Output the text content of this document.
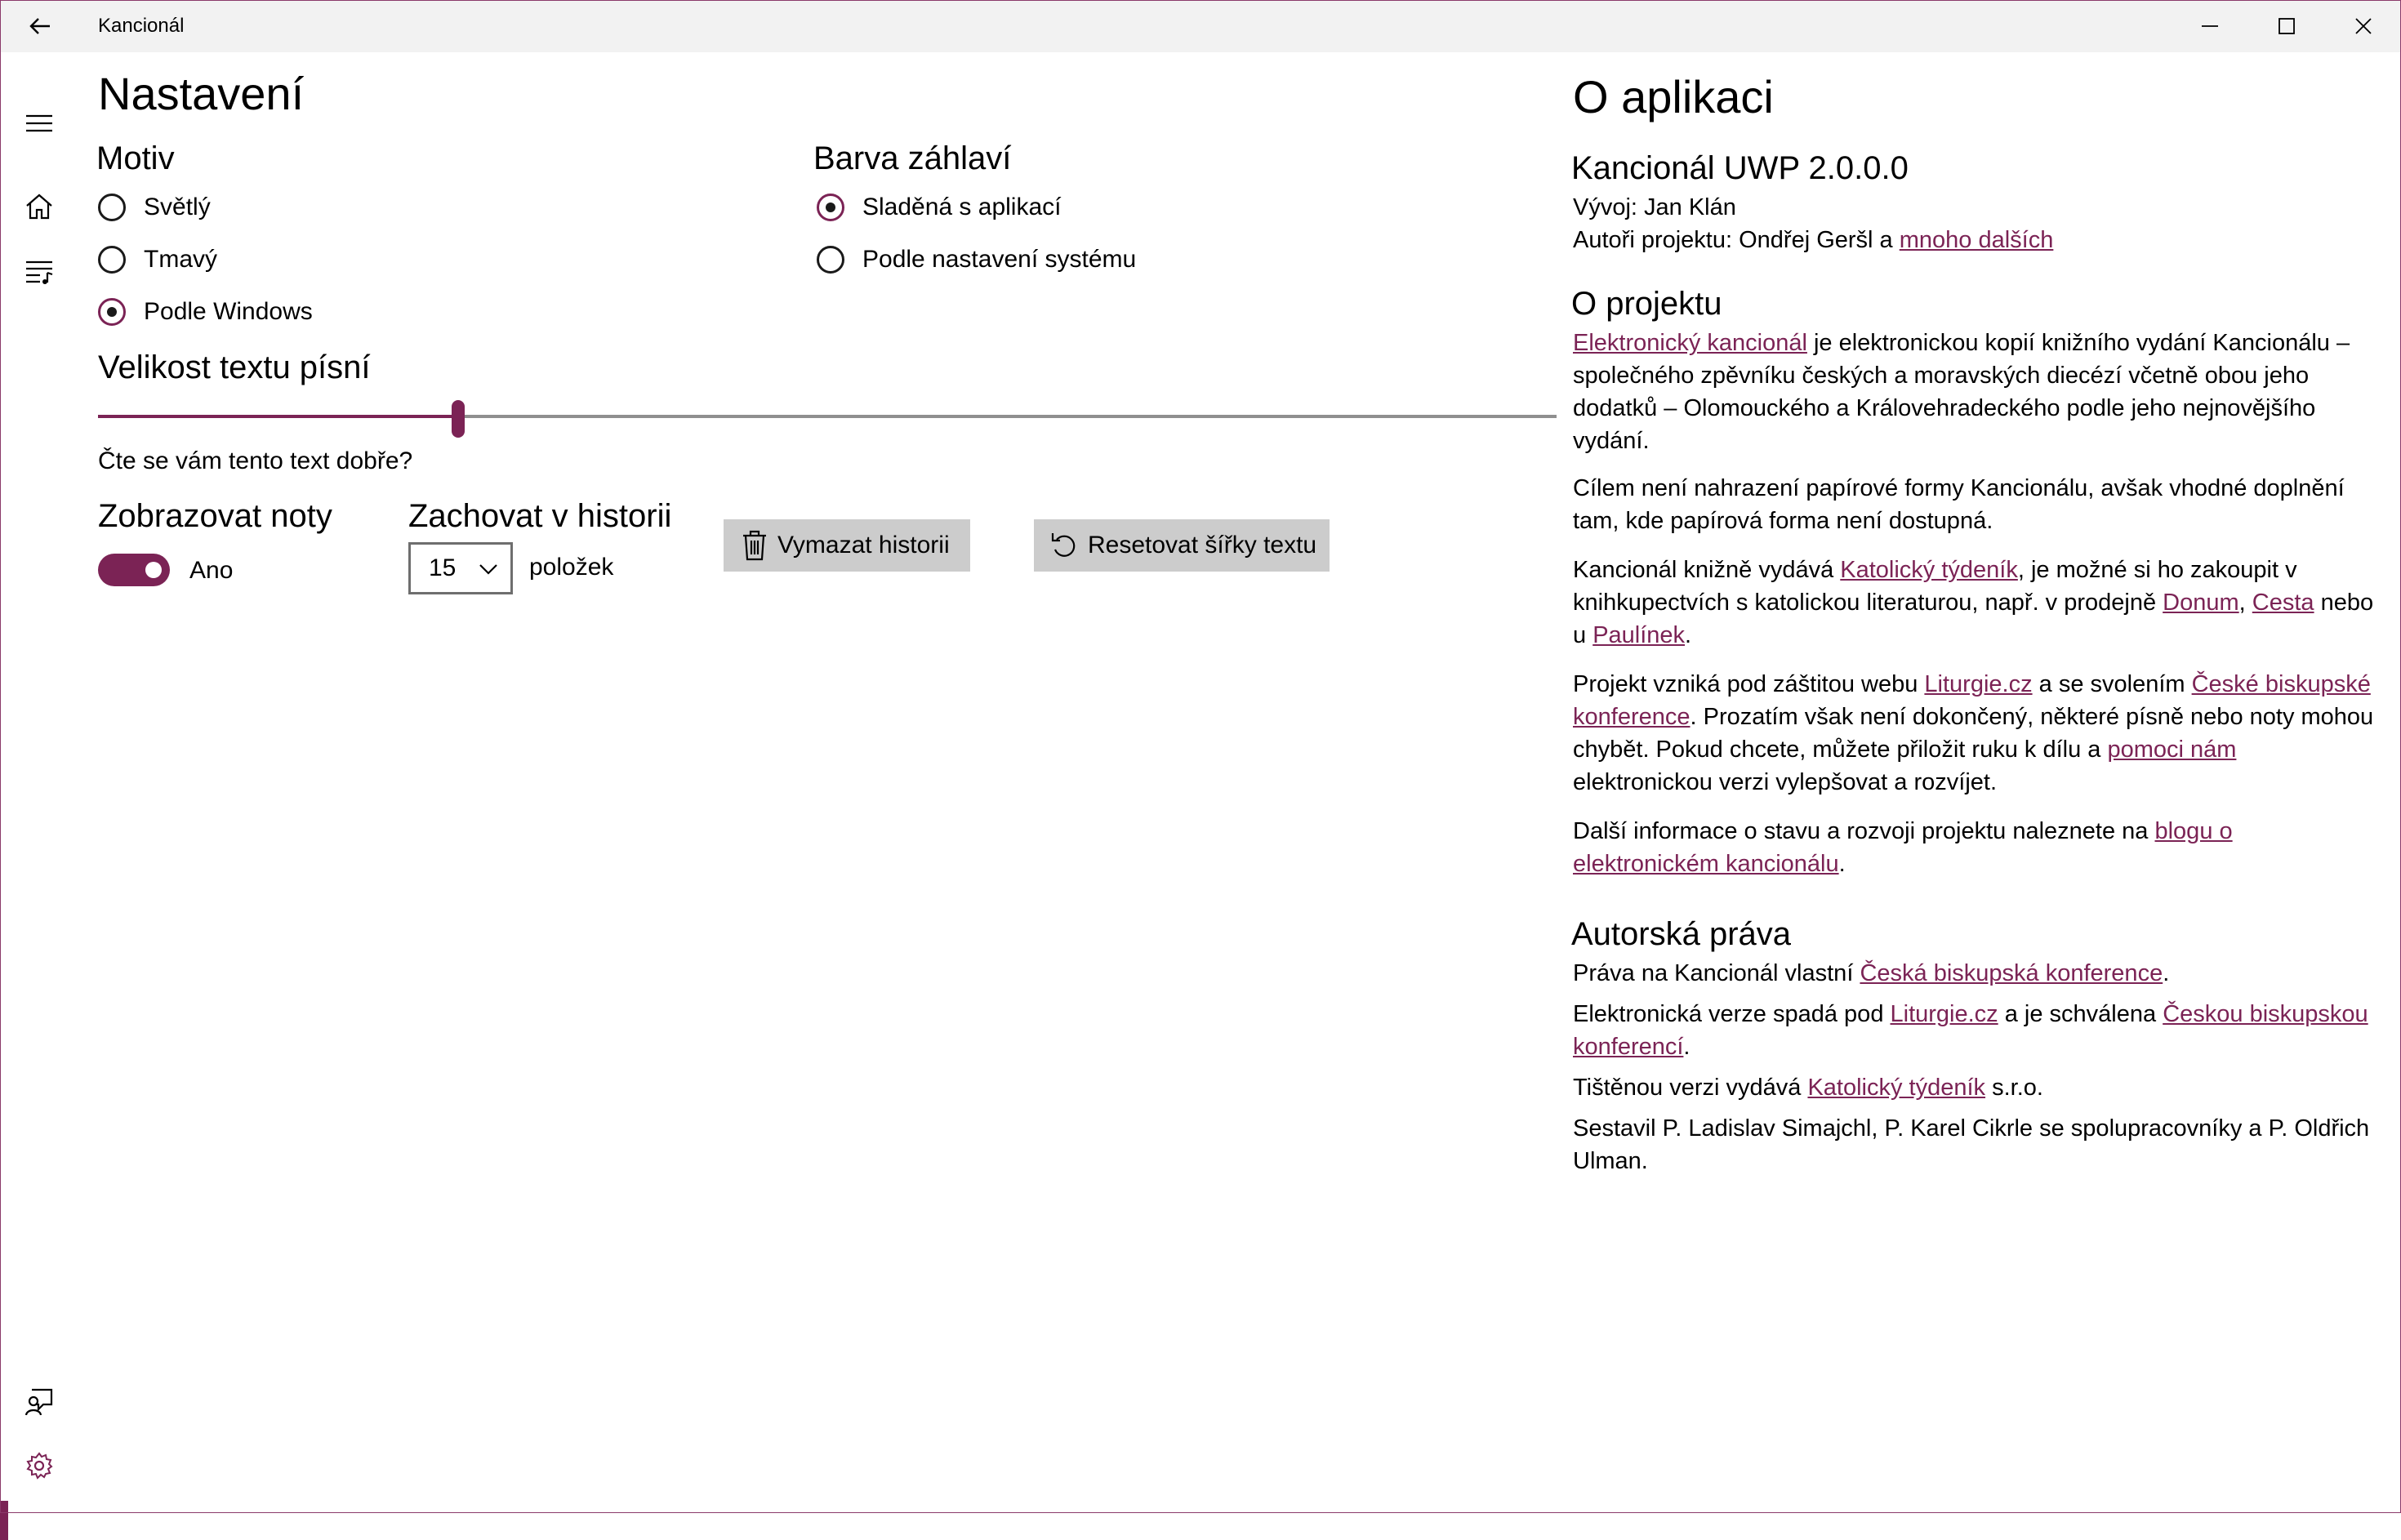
Kancionál
Nastavení
Motiv
Světlý
Tmavý
Podle Windows
Barva záhlaví
Sladěná s aplikací
Podle nastavení systému
Velikost textu písní
Čte se vám tento text dobře?
Zobrazovat noty
Ano
Zachovat v historii
15	položek
Vymazat historii	Resetovat šířky textu
O aplikaci
Kancionál UWP 2.0.0.0
Vývoj: Jan Klán
Autoři projektu: Ondřej Geršl a mnoho dalších
O projektu

Elektronický kancionál je elektronickou kopií knižního vydání Kancionálu – společného zpěvníku českých a moravských diecézí včetně obou jeho dodatků – Olomouckého a Královehradeckého podle jeho nejnovějšího vydání.

Cílem není nahrazení papírové formy Kancionálu, avšak vhodné doplnění tam, kde papírová forma není dostupná.

Kancionál knižně vydává Katolický týdeník, je možné si ho zakoupit v knihkupectvích s katolickou literaturou, např. v prodejně Donum, Cesta nebo u Paulínek.

Projekt vzniká pod záštitou webu Liturgie.cz a se svolením České biskupské konference. Prozatím však není dokončený, některé písně nebo noty mohou chybět. Pokud chcete, můžete přiložit ruku k dílu a pomoci nám elektronickou verzi vylepšovat a rozvíjet.

Další informace o stavu a rozvoji projektu naleznete na blogu o elektronickém kancionálu.

Autorská práva

Práva na Kancionál vlastní Česká biskupská konference.

Elektronická verze spadá pod Liturgie.cz a je schválena Českou biskupskou konferencí.

Tištěnou verzi vydává Katolický týdeník s.r.o.

Sestavil P. Ladislav Simajchl, P. Karel Cikrle se spolupracovníky a P. Oldřich Ulman.
